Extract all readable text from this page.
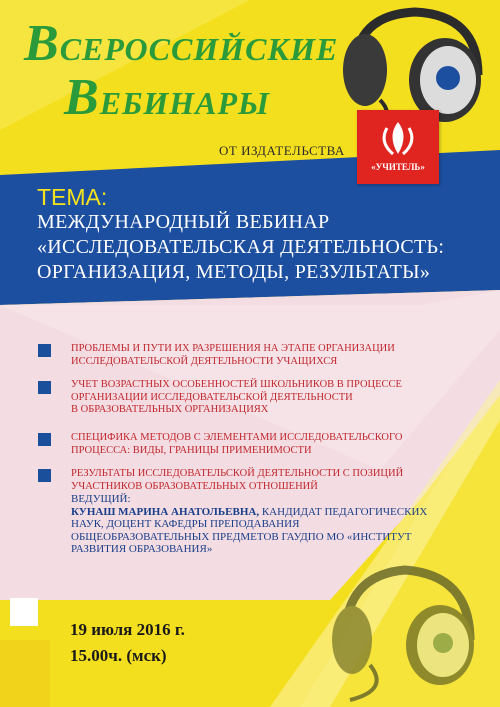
ВСЕРОССИЙСКИЕ
ВЕБИНАРЫ
ОТ ИЗДАТЕЛЬСТВА
«УЧИТЕЛЬ»
ТЕМА:
МЕЖДУНАРОДНЫЙ ВЕБИНАР
«ИССЛЕДОВАТЕЛЬСКАЯ ДЕЯТЕЛЬНОСТЬ:
ОРГАНИЗАЦИЯ, МЕТОДЫ, РЕЗУЛЬТАТЫ»
ПРОБЛЕМЫ И ПУТИ ИХ РАЗРЕШЕНИЯ НА ЭТАПЕ ОРГАНИЗАЦИИ
ИССЛЕДОВАТЕЛЬСКОЙ ДЕЯТЕЛЬНОСТИ УЧАЩИХСЯ
УЧЕТ ВОЗРАСТНЫХ ОСОБЕННОСТЕЙ ШКОЛЬНИКОВ В ПРОЦЕССЕ
ОРГАНИЗАЦИИ ИССЛЕДОВАТЕЛЬСКОЙ ДЕЯТЕЛЬНОСТИ
В ОБРАЗОВАТЕЛЬНЫХ ОРГАНИЗАЦИЯХ
СПЕЦИФИКА МЕТОДОВ С ЭЛЕМЕНТАМИ ИССЛЕДОВАТЕЛЬСКОГО
ПРОЦЕССА: ВИДЫ, ГРАНИЦЫ ПРИМЕНИМОСТИ
РЕЗУЛЬТАТЫ ИССЛЕДОВАТЕЛЬСКОЙ ДЕЯТЕЛЬНОСТИ С ПОЗИЦИЙ
УЧАСТНИКОВ ОБРАЗОВАТЕЛЬНЫХ ОТНОШЕНИЙ
ВЕДУЩИЙ:
КУНАШ МАРИНА АНАТОЛЬЕВНА, КАНДИДАТ ПЕДАГОГИЧЕСКИХ
НАУК, ДОЦЕНТ КАФЕДРЫ ПРЕПОДАВАНИЯ
ОБЩЕОБРАЗОВАТЕЛЬНЫХ ПРЕДМЕТОВ ГАУДПО МО «ИНСТИТУТ
РАЗВИТИЯ ОБРАЗОВАНИЯ»
19 июля 2016 г.
15.00ч. (мск)
